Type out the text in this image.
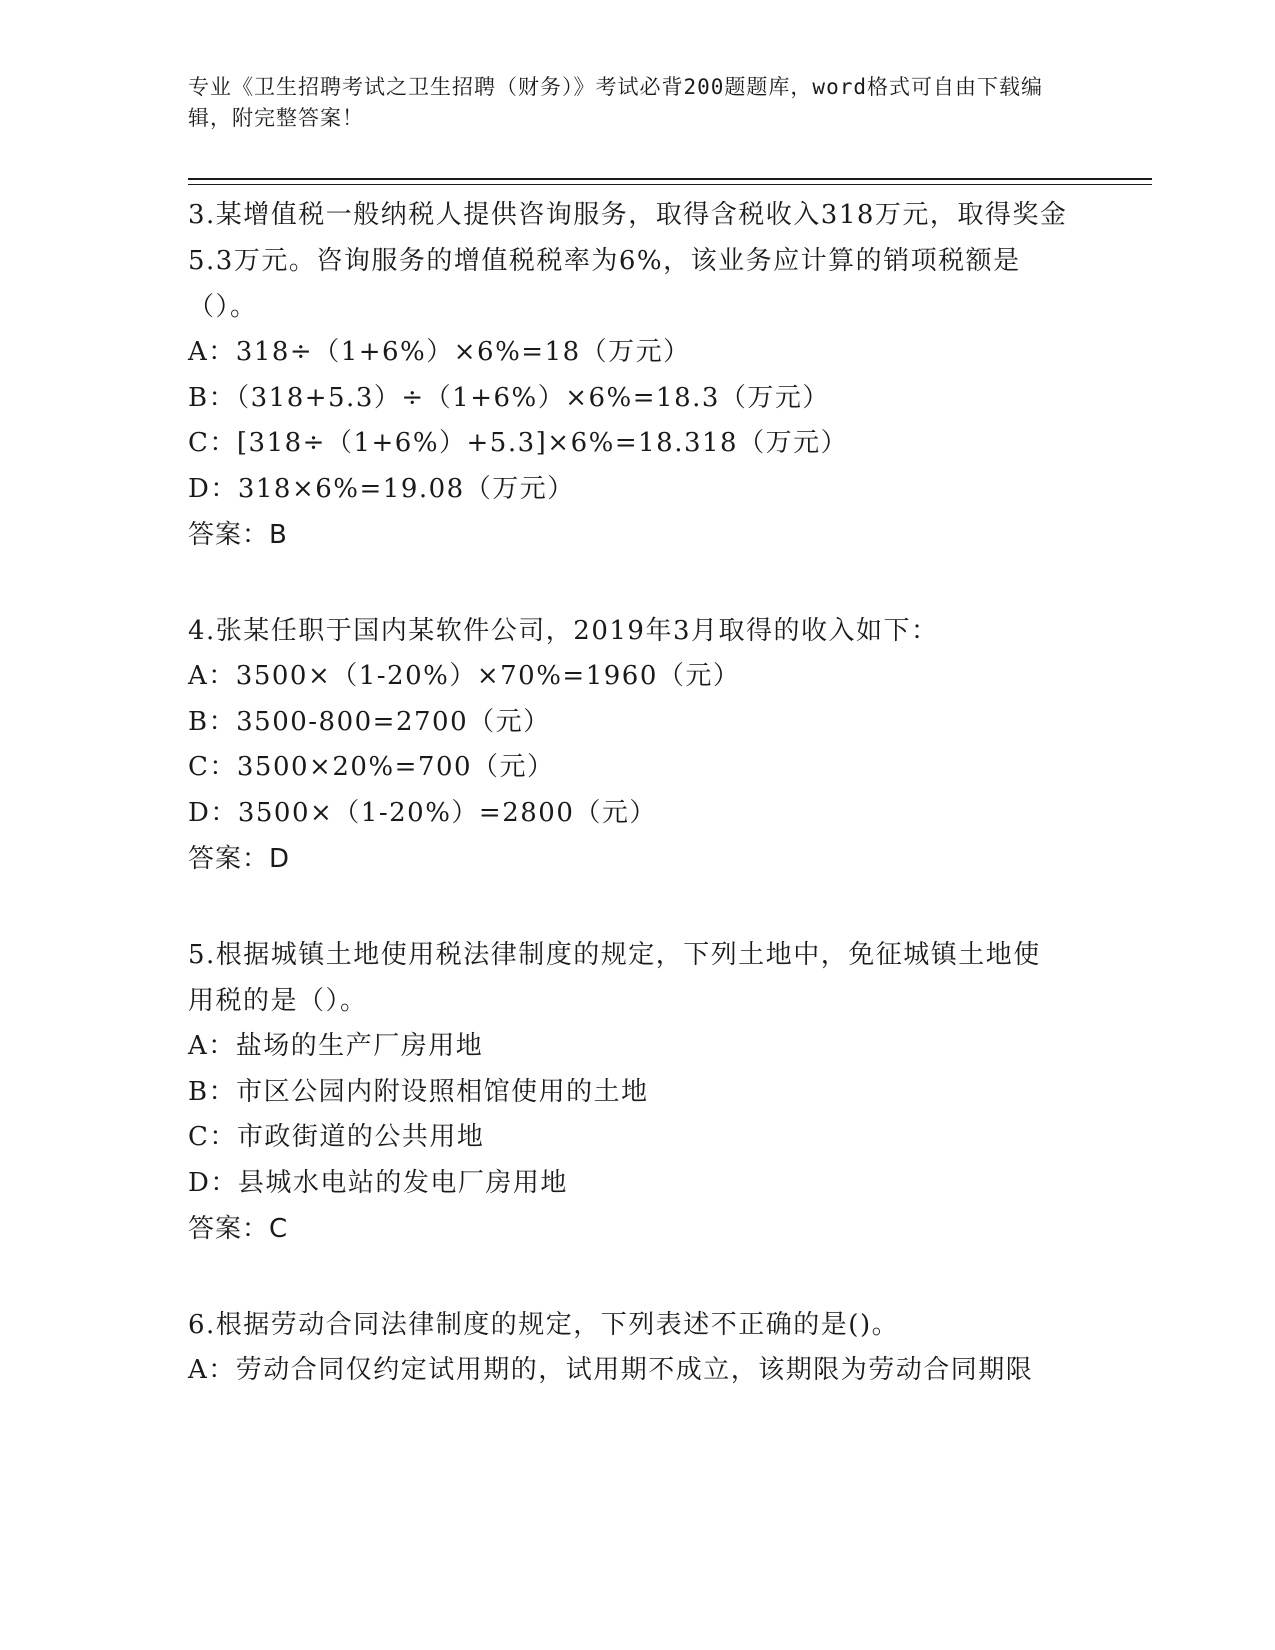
专业《卫生招聘考试之卫生招聘（财务）》考试必背200题题库，word格式可自由下载编辑，附完整答案！
3.某增值税一般纳税人提供咨询服务，取得含税收入318万元，取得奖金5.3万元。咨询服务的增值税税率为6%，该业务应计算的销项税额是（）。
A：318÷（1+6%）×6%=18（万元）
B：（318+5.3）÷（1+6%）×6%=18.3（万元）
C：[318÷（1+6%）+5.3]×6%=18.318（万元）
D：318×6%=19.08（万元）
答案：B
4.张某任职于国内某软件公司，2019年3月取得的收入如下：
A：3500×（1-20%）×70%=1960（元）
B：3500-800=2700（元）
C：3500×20%=700（元）
D：3500×（1-20%）=2800（元）
答案：D
5.根据城镇土地使用税法律制度的规定，下列土地中，免征城镇土地使用税的是（）。
A：盐场的生产厂房用地
B：市区公园内附设照相馆使用的土地
C：市政街道的公共用地
D：县城水电站的发电厂房用地
答案：C
6.根据劳动合同法律制度的规定，下列表述不正确的是()。
A：劳动合同仅约定试用期的，试用期不成立，该期限为劳动合同期限
